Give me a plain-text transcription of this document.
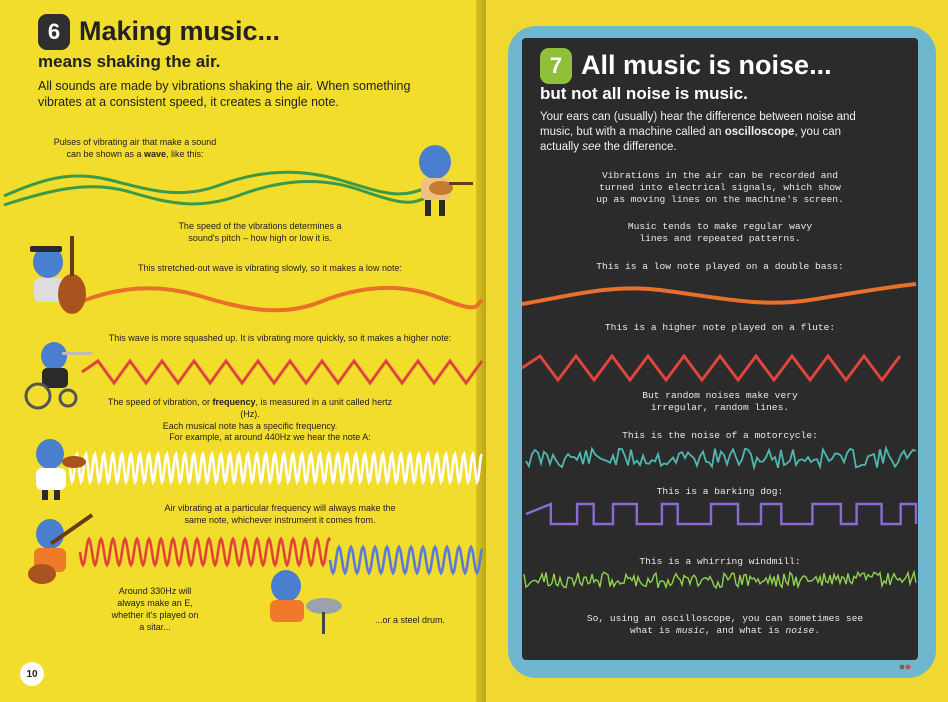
6 Making music...
means shaking the air.
All sounds are made by vibrations shaking the air. When something vibrates at a consistent speed, it creates a single note.
Pulses of vibrating air that make a sound
can be shown as a wave, like this:
The speed of the vibrations determines a
sound's pitch – how high or low it is.
This stretched-out wave is vibrating slowly, so it makes a low note:
This wave is more squashed up. It is vibrating more quickly, so it makes a higher note:
The speed of vibration, or frequency, is measured in a unit called hertz (Hz).
Each musical note has a specific frequency.
For example, at around 440Hz we hear the note A:
Air vibrating at a particular frequency will always make the
same note, whichever instrument it comes from.
Around 330Hz will
always make an E,
whether it's played on
a sitar...
...or a steel drum.
10
7 All music is noise...
but not all noise is music.
Your ears can (usually) hear the difference between noise and
music, but with a machine called an oscilloscope, you can
actually see the difference.
Vibrations in the air can be recorded and
turned into electrical signals, which show
up as moving lines on the machine's screen.
Music tends to make regular wavy
lines and repeated patterns.
This is a low note played on a double bass:
This is a higher note played on a flute:
But random noises make very
irregular, random lines.
This is the noise of a motorcycle:
This is a barking dog:
This is a whirring windmill:
So, using an oscilloscope, you can sometimes see
what is music, and what is noise.
